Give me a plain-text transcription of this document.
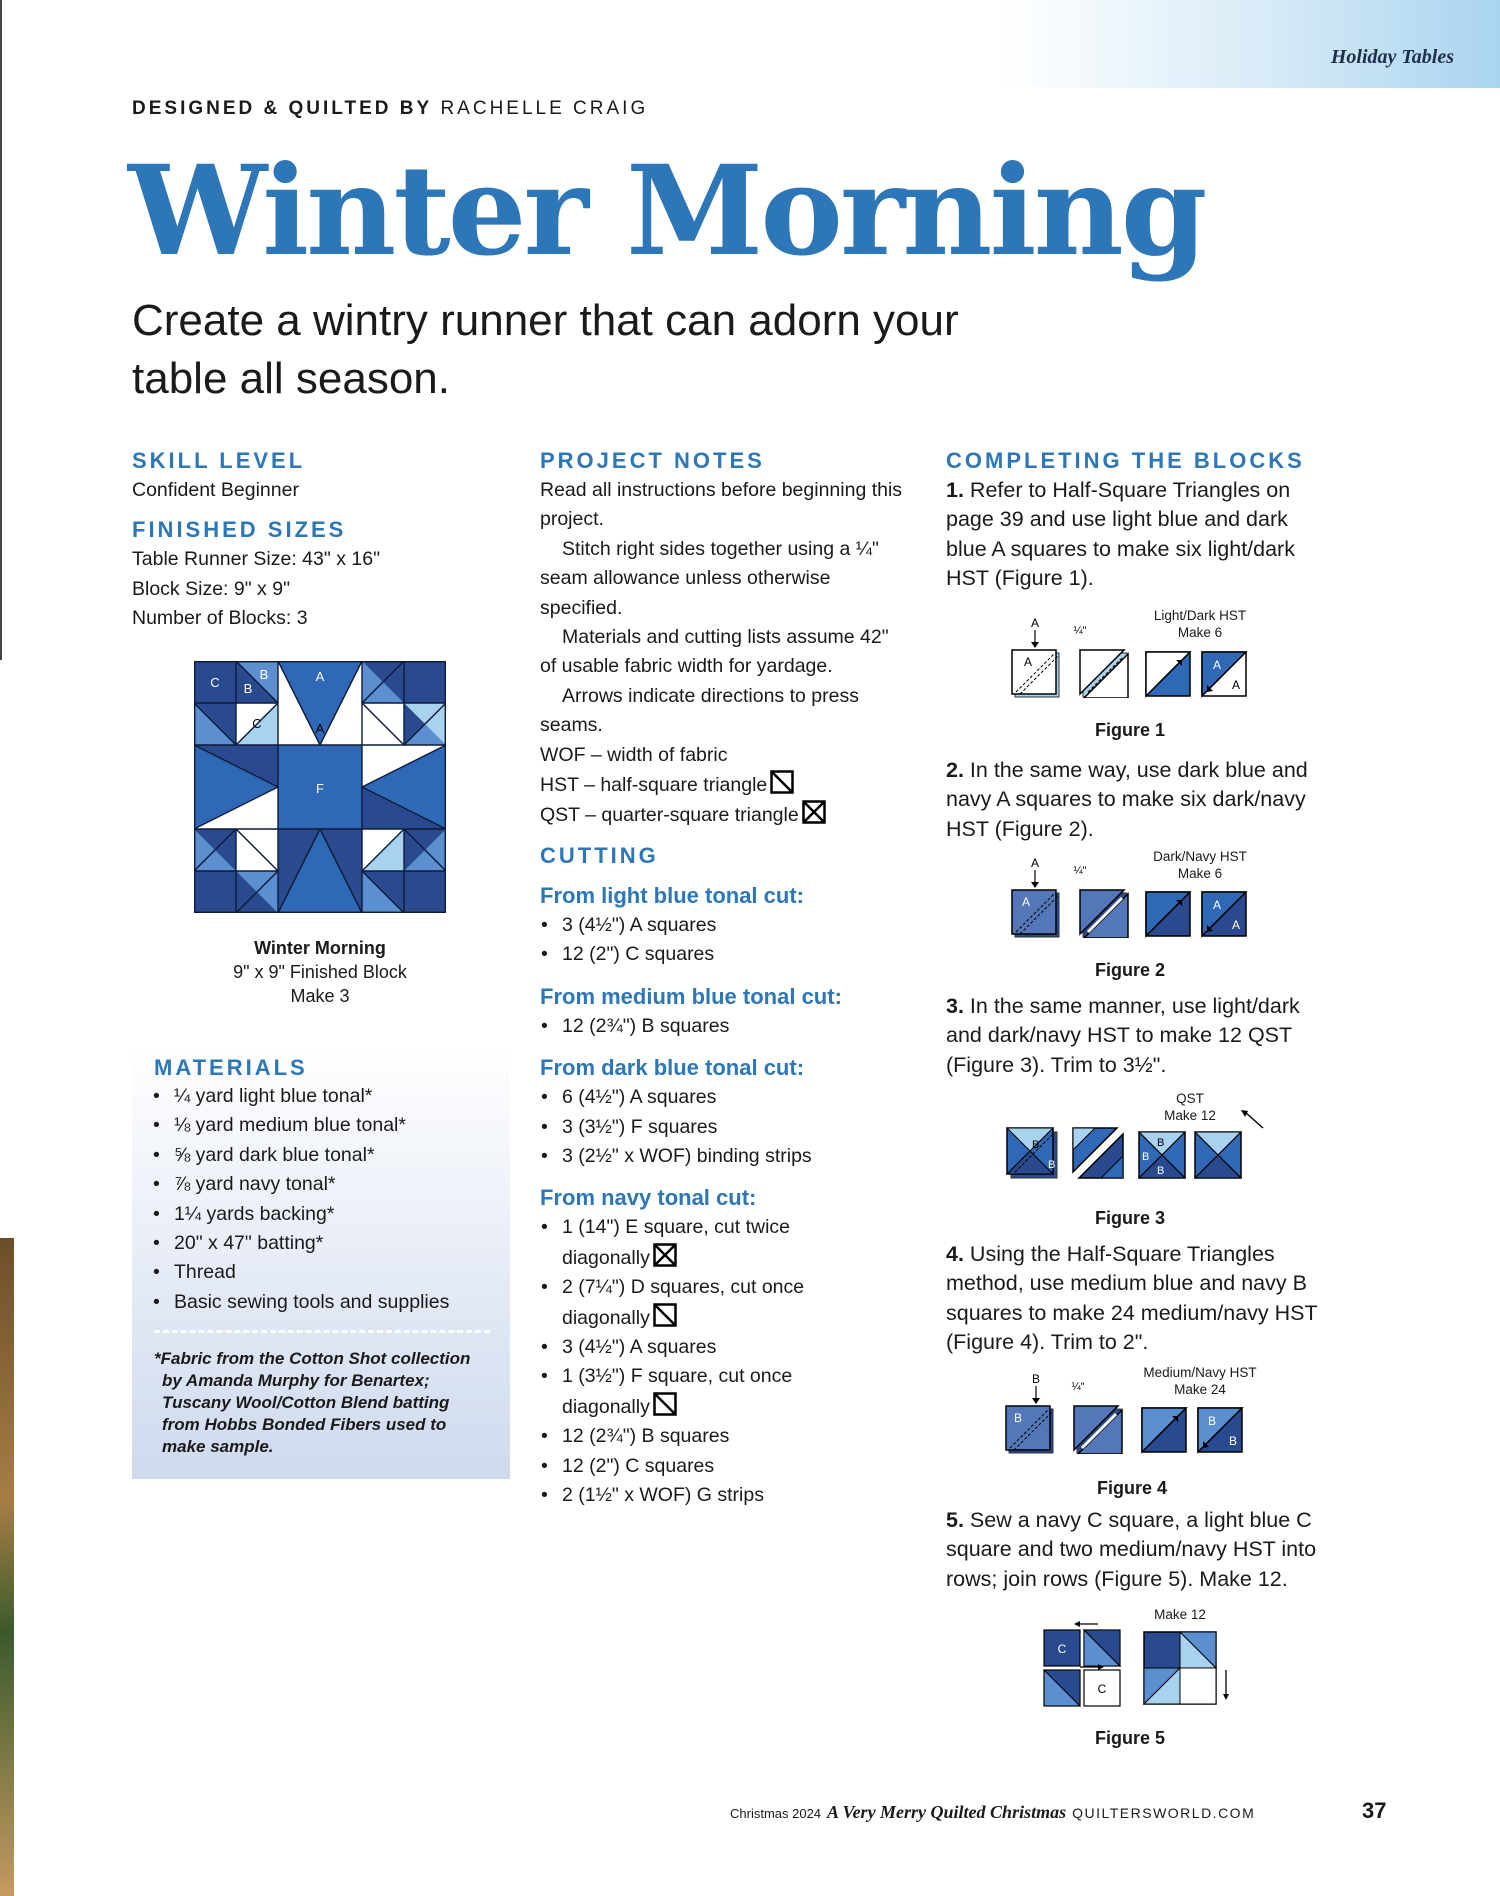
Holiday Tables
DESIGNED & QUILTED BY RACHELLE CRAIG
Winter Morning
Create a wintry runner that can adorn your
table all season.
SKILL LEVEL
Confident Beginner
FINISHED SIZES
Table Runner Size: 43" x 16"
Block Size: 9" x 9"
Number of Blocks: 3
C
B
B
A
A
C	A
F
Winter Morning
9" x 9" Finished Block
Make 3
MATERIALS
• ¼ yard light blue tonal*
• ⅛ yard medium blue tonal*
• ⅝ yard dark blue tonal*
• ⅞ yard navy tonal*
• 1¼ yards backing*
• 20" x 47" batting*
• Thread
• Basic sewing tools and supplies
*Fabric from the Cotton Shot collection by Amanda Murphy for Benartex; Tuscany Wool/Cotton Blend batting from Hobbs Bonded Fibers used to make sample.
PROJECT NOTES
Read all instructions before beginning this project.
Stitch right sides together using a ¼" seam allowance unless otherwise specified.
Materials and cutting lists assume 42" of usable fabric width for yardage.
Arrows indicate directions to press seams.
WOF – width of fabric
HST – half-square triangle
QST – quarter-square triangle
CUTTING
From light blue tonal cut:
• 3 (4½") A squares
• 12 (2") C squares
From medium blue tonal cut:
• 12 (2¾") B squares
From dark blue tonal cut:
• 6 (4½") A squares
• 3 (3½") F squares
• 3 (2½" x WOF) binding strips
From navy tonal cut:
• 1 (14") E square, cut twice
diagonally
• 2 (7¼") D squares, cut once
diagonally
• 3 (4½") A squares
• 1 (3½") F square, cut once
diagonally
• 12 (2¾") B squares
• 12 (2") C squares
• 2 (1½" x WOF) G strips
COMPLETING THE BLOCKS
1. Refer to Half-Square Triangles on page 39 and use light blue and dark blue A squares to make six light/dark HST (Figure 1).
Light/Dark HST
Make 6
A
¼"
A	A
A
Figure 1
2. In the same way, use dark blue and navy A squares to make six dark/navy HST (Figure 2).
Dark/Navy HST
Make 6
A
¼"
A	A
A
Figure 2
3. In the same manner, use light/dark and dark/navy HST to make 12 QST (Figure 3). Trim to 3½".
QST
Make 12
B
B
B
B
B
Figure 3
4. Using the Half-Square Triangles method, use medium blue and navy B squares to make 24 medium/navy HST (Figure 4). Trim to 2".
Medium/Navy HST
Make 24
B
¼"
B	B
B
Figure 4
5. Sew a navy C square, a light blue C square and two medium/navy HST into rows; join rows (Figure 5). Make 12.
Make 12
C
C
Figure 5
Christmas 2024 A Very Merry Quilted Christmas QUILTERSWORLD.COM	37
